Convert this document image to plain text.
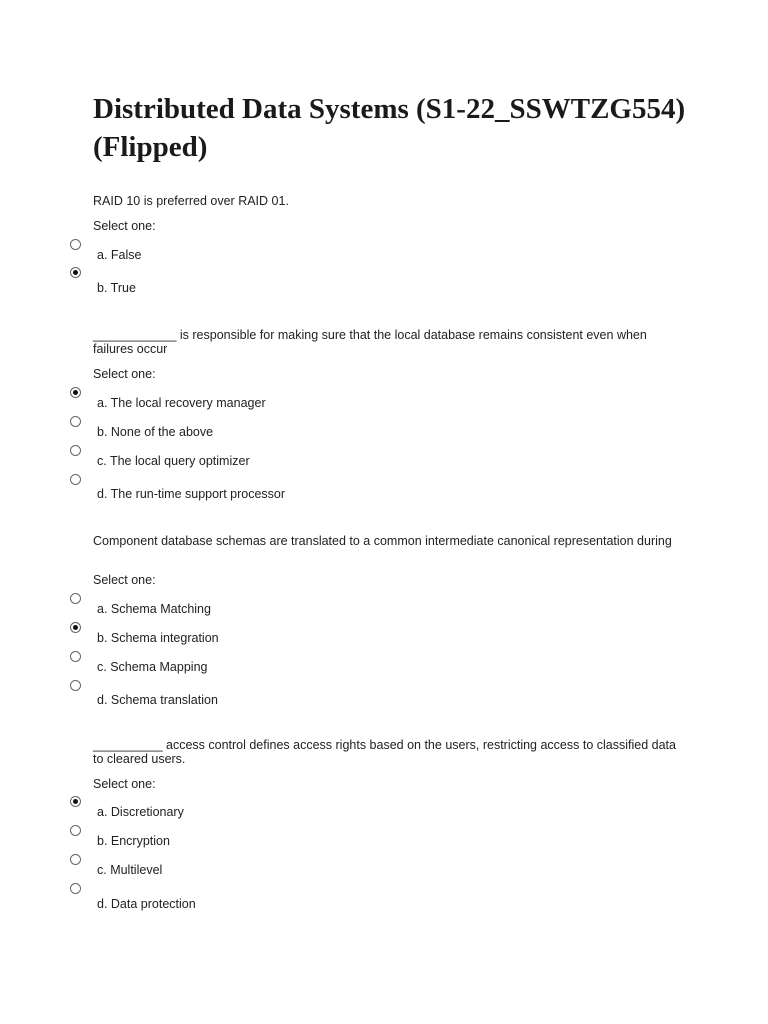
Distributed Data Systems (S1-22_SSWTZG554)(Flipped)
RAID 10 is preferred over RAID 01.
Select one:
a. False
b. True
____________ is responsible for making sure that the local database remains consistent even when failures occur
Select one:
a. The local recovery manager
b. None of the above
c. The local query optimizer
d. The run-time support processor
Component database schemas are translated to a common intermediate canonical representation during
Select one:
a. Schema Matching
b. Schema integration
c. Schema Mapping
d. Schema translation
__________ access control defines access rights based on the users, restricting access to classified data to cleared users.
Select one:
a. Discretionary
b. Encryption
c. Multilevel
d. Data protection
